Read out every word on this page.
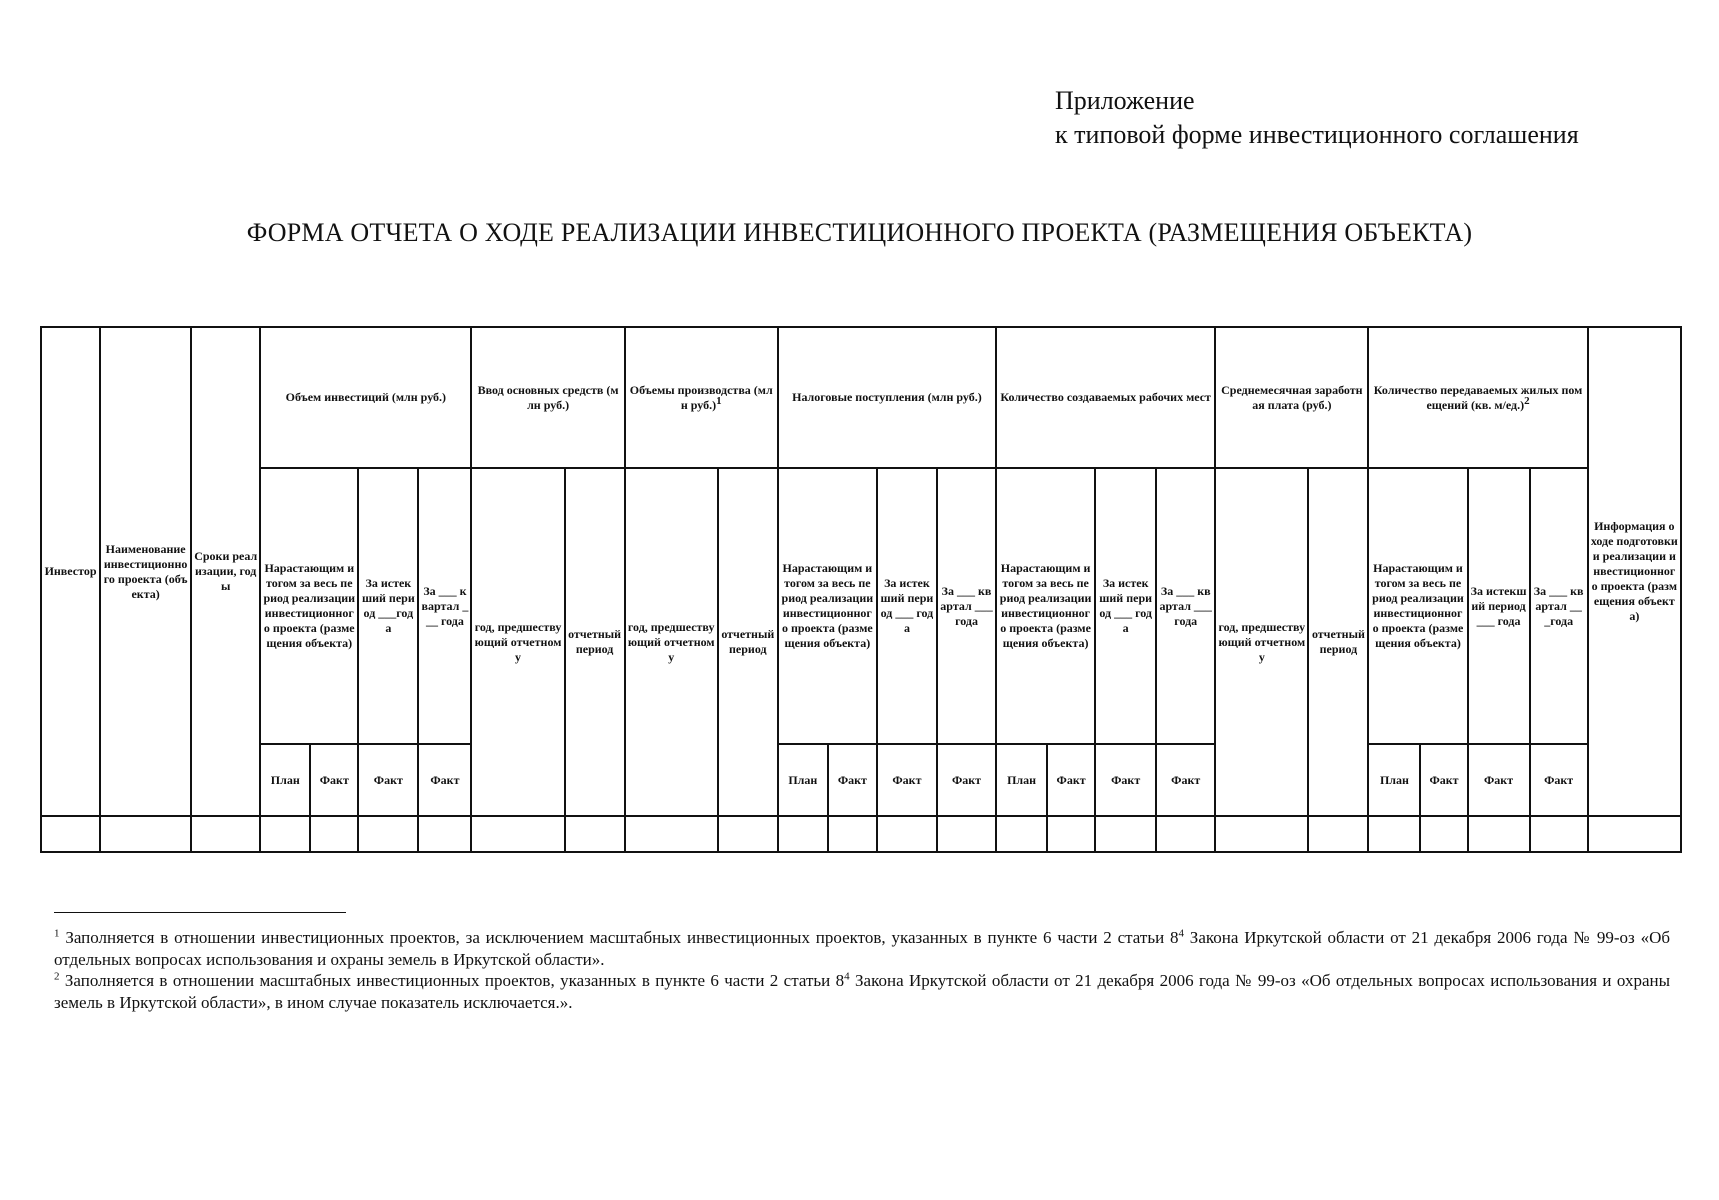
Приложение
к типовой форме инвестиционного соглашения
ФОРМА ОТЧЕТА О ХОДЕ РЕАЛИЗАЦИИ ИНВЕСТИЦИОННОГО ПРОЕКТА (РАЗМЕЩЕНИЯ ОБЪЕКТА)
Инвестор	Наименование инвестиционного проекта (объекта)	Сроки реализации, годы	Объем инвестиций (млн руб.)				Ввод основных средств (млн руб.)		Объемы производства (млн руб.)$^1$		Налоговые поступления (млн руб.)				Количество создаваемых рабочих мест				Среднемесячная заработная плата (руб.)		Количество передаваемых жилых помещений (кв. м/ед.)$^2$				Информация о ходе подготовки и реализации инвестиционного проекта (размещения объекта)
			Нарастающим итогом за весь период реализации инвестиционного проекта (размещения объекта)		За истекший период ___года	За ___ квартал ___ года	год, предшествующий отчетному	отчетный период	год, предшествующий отчетному	отчетный период	Нарастающим итогом за весь период реализации инвестиционного проекта (размещения объекта)		За истекший период ___ года	За ___ квартал ___года	Нарастающим итогом за весь период реализации инвестиционного проекта (размещения объекта)		За истекший период ___ года	За ___ квартал ___года	год, предшествующий отчетному	отчетный период	Нарастающим итогом за весь период реализации инвестиционного проекта (размещения объекта)		За истекший период ___ года	За ___ квартал ___года	
			План	Факт	Факт	Факт					План	Факт	Факт	Факт	План	Факт	Факт	Факт			План	Факт	Факт	Факт	

$^1$ Заполняется в отношении инвестиционных проектов, за исключением масштабных инвестиционных проектов, указанных в пункте 6 части 2 статьи $8^4$ Закона Иркутской области от 21 декабря 2006 года № 99-оз «Об отдельных вопросах использования и охраны земель в Иркутской области».
$^2$ Заполняется в отношении масштабных инвестиционных проектов, указанных в пункте 6 части 2 статьи $8^4$ Закона Иркутской области от 21 декабря 2006 года № 99-оз «Об отдельных вопросах использования и охраны земель в Иркутской области», в ином случае показатель исключается.».
